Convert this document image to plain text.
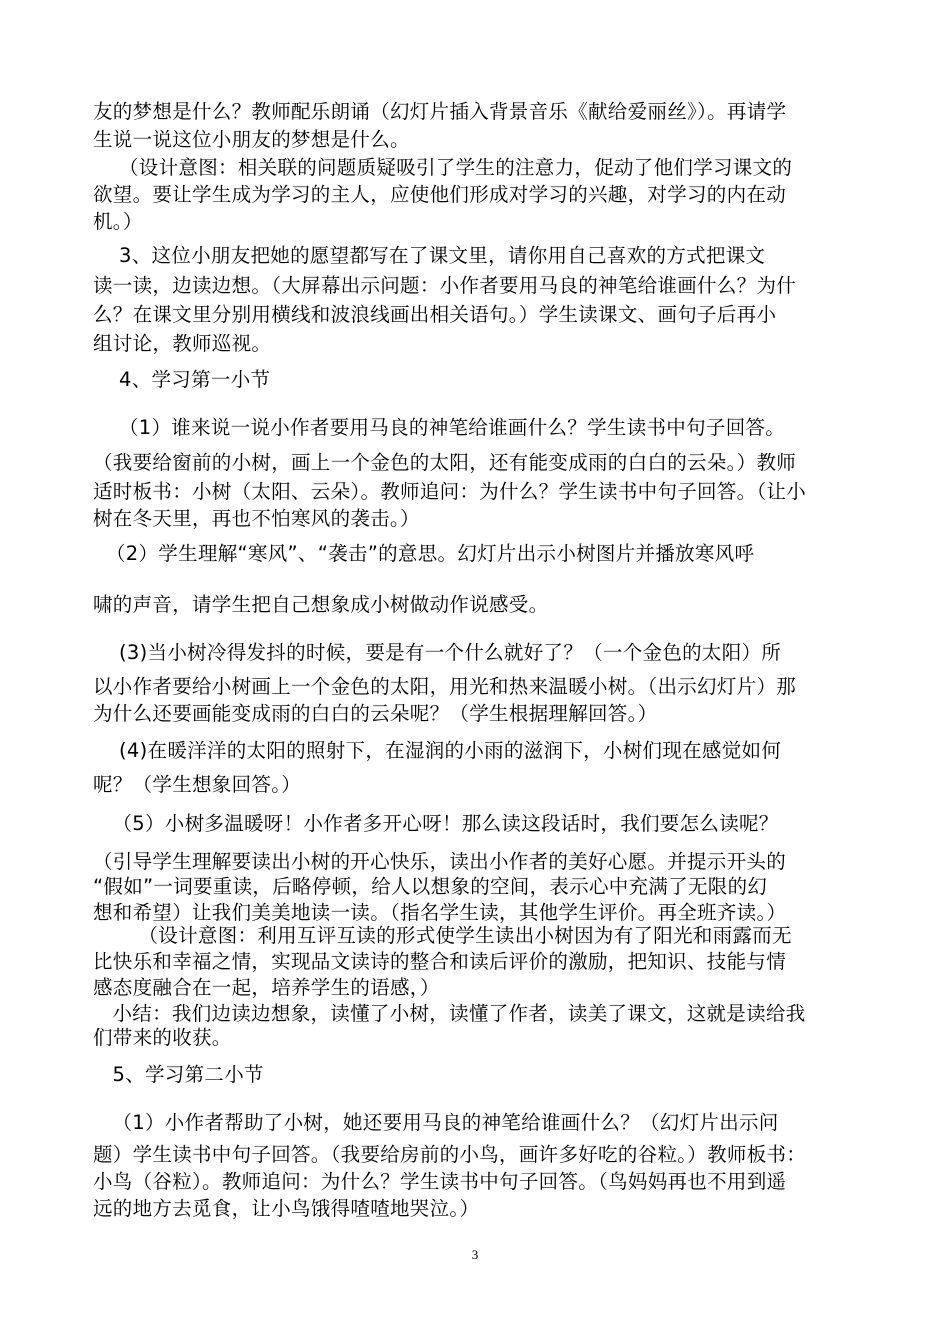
友的梦想是什么？教师配乐朗诵（幻灯片插入背景音乐《献给爱丽丝》）。再请学

生说一说这位小朋友的梦想是什么。

（设计意图：相关联的问题质疑吸引了学生的注意力，促动了他们学习课文的

欲望。要让学生成为学习的主人，应使他们形成对学习的兴趣，对学习的内在动

机。）

3、这位小朋友把她的愿望都写在了课文里，请你用自己喜欢的方式把课文

读一读，边读边想。（大屏幕出示问题：小作者要用马良的神笔给谁画什么？为什

么？在课文里分别用横线和波浪线画出相关语句。）学生读课文、画句子后再小

组讨论，教师巡视。

4、学习第一小节

（1）谁来说一说小作者要用马良的神笔给谁画什么？学生读书中句子回答。

（我要给窗前的小树，画上一个金色的太阳，还有能变成雨的白白的云朵。）教师

适时板书：小树（太阳、云朵）。教师追问：为什么？学生读书中句子回答。（让小

树在冬天里，再也不怕寒风的袭击。）

（2）学生理解“寒风”、“袭击”的意思。幻灯片出示小树图片并播放寒风呼

啸的声音，请学生把自己想象成小树做动作说感受。

(3)当小树冷得发抖的时候，要是有一个什么就好了？（一个金色的太阳）所

以小作者要给小树画上一个金色的太阳，用光和热来温暖小树。（出示幻灯片）那

为什么还要画能变成雨的白白的云朵呢？（学生根据理解回答。）

(4)在暖洋洋的太阳的照射下，在湿润的小雨的滋润下，小树们现在感觉如何

呢？（学生想象回答。）

（5）小树多温暖呀！小作者多开心呀！那么读这段话时，我们要怎么读呢？

（引导学生理解要读出小树的开心快乐，读出小作者的美好心愿。并提示开头的

“假如”一词要重读，后略停顿，给人以想象的空间，表示心中充满了无限的幻

想和希望）让我们美美地读一读。（指名学生读，其他学生评价。再全班齐读。）

（设计意图：利用互评互读的形式使学生读出小树因为有了阳光和雨露而无

比快乐和幸福之情，实现品文读诗的整合和读后评价的激励，把知识、技能与情

感态度融合在一起，培养学生的语感，）

小结：我们边读边想象，读懂了小树，读懂了作者，读美了课文，这就是读给我

们带来的收获。

5、学习第二小节

（1）小作者帮助了小树，她还要用马良的神笔给谁画什么？（幻灯片出示问

题）学生读书中句子回答。（我要给房前的小鸟，画许多好吃的谷粒。）教师板书：

小鸟（谷粒）。教师追问：为什么？学生读书中句子回答。（鸟妈妈再也不用到遥

远的地方去觅食，让小鸟饿得喳喳地哭泣。）

3
